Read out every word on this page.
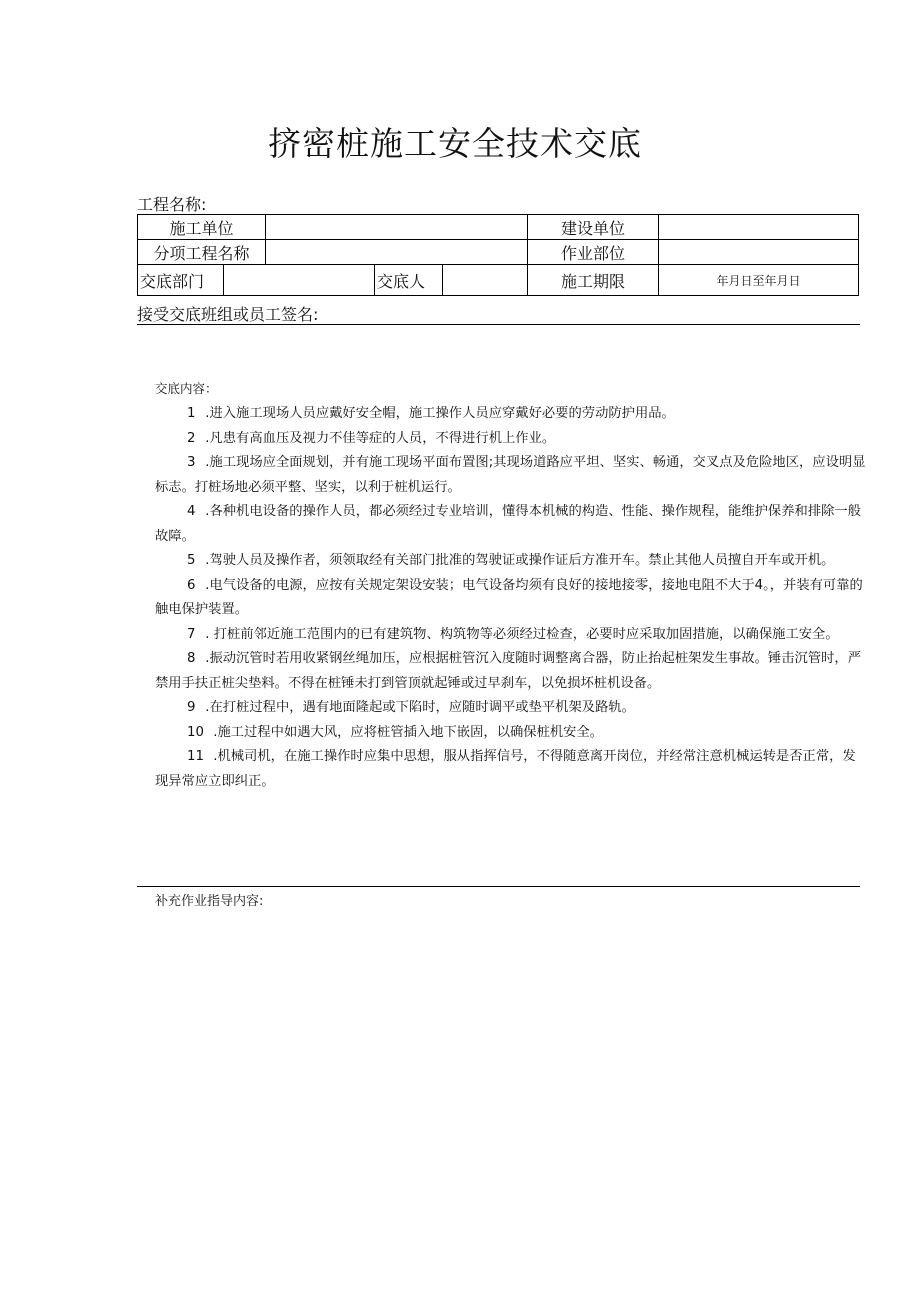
挤密桩施工安全技术交底
工程名称:
施工单位					建设单位	
分项工程名称					作业部位	
交底部门			交底人		施工期限	年月日至年月日
接受交底班组或员工签名:
交底内容：
1 .进入施工现场人员应戴好安全帽，施工操作人员应穿戴好必要的劳动防护用品。
2 .凡患有高血压及视力不佳等症的人员，不得进行机上作业。
3 .施工现场应全面规划，并有施工现场平面布置图;其现场道路应平坦、坚实、畅通，交叉点及危险地区，应设明显标志。打桩场地必须平整、坚实，以利于桩机运行。
4 .各种机电设备的操作人员，都必须经过专业培训，懂得本机械的构造、性能、操作规程，能维护保养和排除一般故障。
5 .驾驶人员及操作者，须领取经有关部门批准的驾驶证或操作证后方准开车。禁止其他人员擅自开车或开机。
6 .电气设备的电源，应按有关规定架设安装；电气设备均须有良好的接地接零，接地电阻不大于4。，并装有可靠的触电保护装置。
7 . 打桩前邻近施工范围内的已有建筑物、构筑物等必须经过检查，必要时应采取加固措施，以确保施工安全。
8 .振动沉管时若用收紧钢丝绳加压，应根据桩管沉入度随时调整离合器，防止抬起桩架发生事故。锤击沉管时，严禁用手扶正桩尖垫料。不得在桩锤未打到管顶就起锤或过早刹车，以免损坏桩机设备。
9 .在打桩过程中，遇有地面隆起或下陷时，应随时调平或垫平机架及路轨。
10 .施工过程中如遇大风，应将桩管插入地下嵌固，以确保桩机安全。
11 .机械司机，在施工操作时应集中思想，服从指挥信号，不得随意离开岗位，并经常注意机械运转是否正常，发现异常应立即纠正。
补充作业指导内容:
